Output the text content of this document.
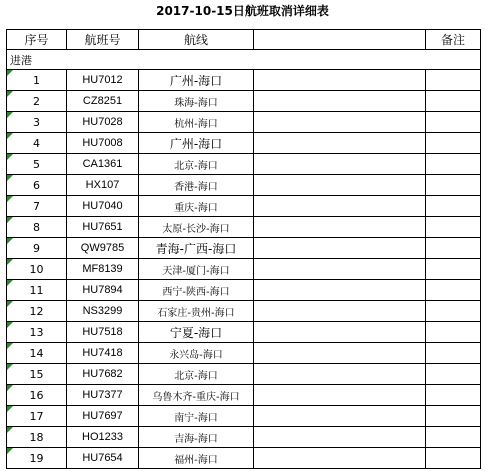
2017-10-15日航班取消详细表
序号	航班号	航线		备注
进港				
1	HU7012	广州-海口		
2	CZ8251	珠海-海口		
3	HU7028	杭州-海口		
4	HU7008	广州-海口		
5	CA1361	北京-海口		
6	HX107	香港-海口		
7	HU7040	重庆-海口		
8	HU7651	太原-长沙-海口		
9	QW9785	青海-广西-海口		
10	MF8139	天津-厦门-海口		
11	HU7894	西宁-陕西-海口		
12	NS3299	石家庄-贵州-海口		
13	HU7518	宁夏-海口		
14	HU7418	永兴岛-海口		
15	HU7682	北京-海口		
16	HU7377	乌鲁木齐-重庆-海口		
17	HU7697	南宁-海口		
18	HO1233	吉海-海口		
19	HU7654	福州-海口		
